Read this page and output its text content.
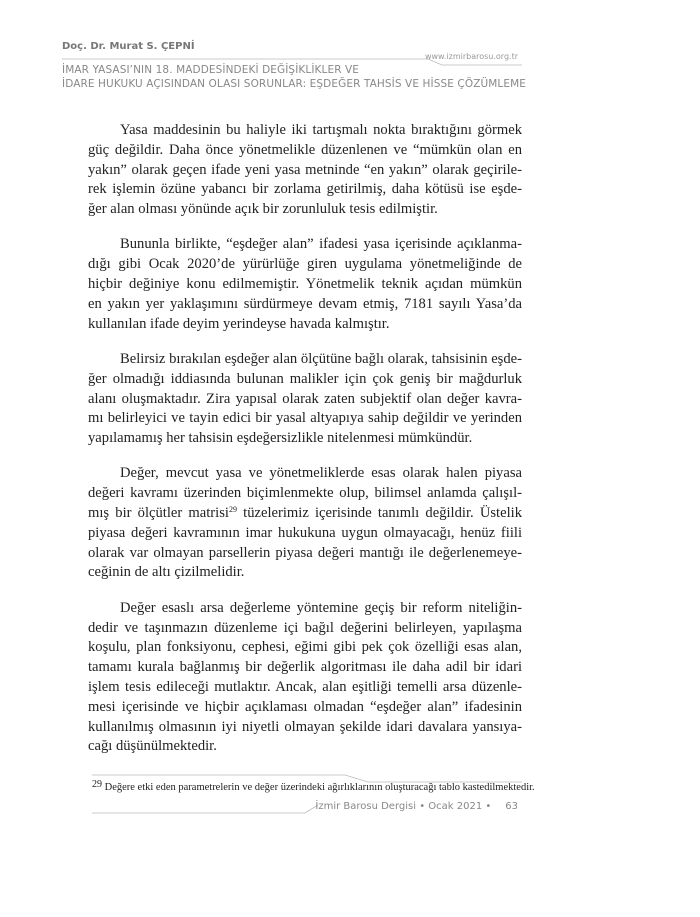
Doç. Dr. Murat S. ÇEPNİ
www.izmirbarosu.org.tr
İMAR YASASI’NIN 18. MADDESİNDEKİ DEĞİŞİKLİKLER VE
İDARE HUKUKU AÇISINDAN OLASI SORUNLAR: EŞDEĞER TAHSİS VE HİSSE ÇÖZÜMLEME
Yasa maddesinin bu haliyle iki tartışmalı nokta bıraktığını görmek
güç değildir. Daha önce yönetmelikle düzenlenen ve “mümkün olan en
yakın” olarak geçen ifade yeni yasa metninde “en yakın” olarak geçirile-
rek işlemin özüne yabancı bir zorlama getirilmiş, daha kötüsü ise eşde-
ğer alan olması yönünde açık bir zorunluluk tesis edilmiştir.
Bununla birlikte, “eşdeğer alan” ifadesi yasa içerisinde açıklanma-
dığı gibi Ocak 2020’de yürürlüğe giren uygulama yönetmeliğinde de
hiçbir değiniye konu edilmemiştir. Yönetmelik teknik açıdan mümkün
en yakın yer yaklaşımını sürdürmeye devam etmiş, 7181 sayılı Yasa’da
kullanılan ifade deyim yerindeyse havada kalmıştır.
Belirsiz bırakılan eşdeğer alan ölçütüne bağlı olarak, tahsisinin eşde-
ğer olmadığı iddiasında bulunan malikler için çok geniş bir mağdurluk
alanı oluşmaktadır. Zira yapısal olarak zaten subjektif olan değer kavra-
mı belirleyici ve tayin edici bir yasal altyapıya sahip değildir ve yerinden
yapılamamış her tahsisin eşdeğersizlikle nitelenmesi mümkündür.
Değer, mevcut yasa ve yönetmeliklerde esas olarak halen piyasa
değeri kavramı üzerinden biçimlenmekte olup, bilimsel anlamda çalışıl-
mış bir ölçütler matrisi$^{29}$ tüzelerimiz içerisinde tanımlı değildir. Üstelik
piyasa değeri kavramının imar hukukuna uygun olmayacağı, henüz fiili
olarak var olmayan parsellerin piyasa değeri mantığı ile değerlenemeye-
ceğinin de altı çizilmelidir.
Değer esaslı arsa değerleme yöntemine geçiş bir reform niteliğin-
dedir ve taşınmazın düzenleme içi bağıl değerini belirleyen, yapılaşma
koşulu, plan fonksiyonu, cephesi, eğimi gibi pek çok özelliği esas alan,
tamamı kurala bağlanmış bir değerlik algoritması ile daha adil bir idari
işlem tesis edileceği mutlaktır. Ancak, alan eşitliği temelli arsa düzenle-
mesi içerisinde ve hiçbir açıklaması olmadan “eşdeğer alan” ifadesinin
kullanılmış olmasının iyi niyetli olmayan şekilde idari davalara yansıya-
cağı düşünülmektedir.
$^{29}$ Değere etki eden parametrelerin ve değer üzerindeki ağırlıklarının oluşturacağı tablo kastedilmektedir.
İzmir Barosu Dergisi • Ocak 2021 • 63
